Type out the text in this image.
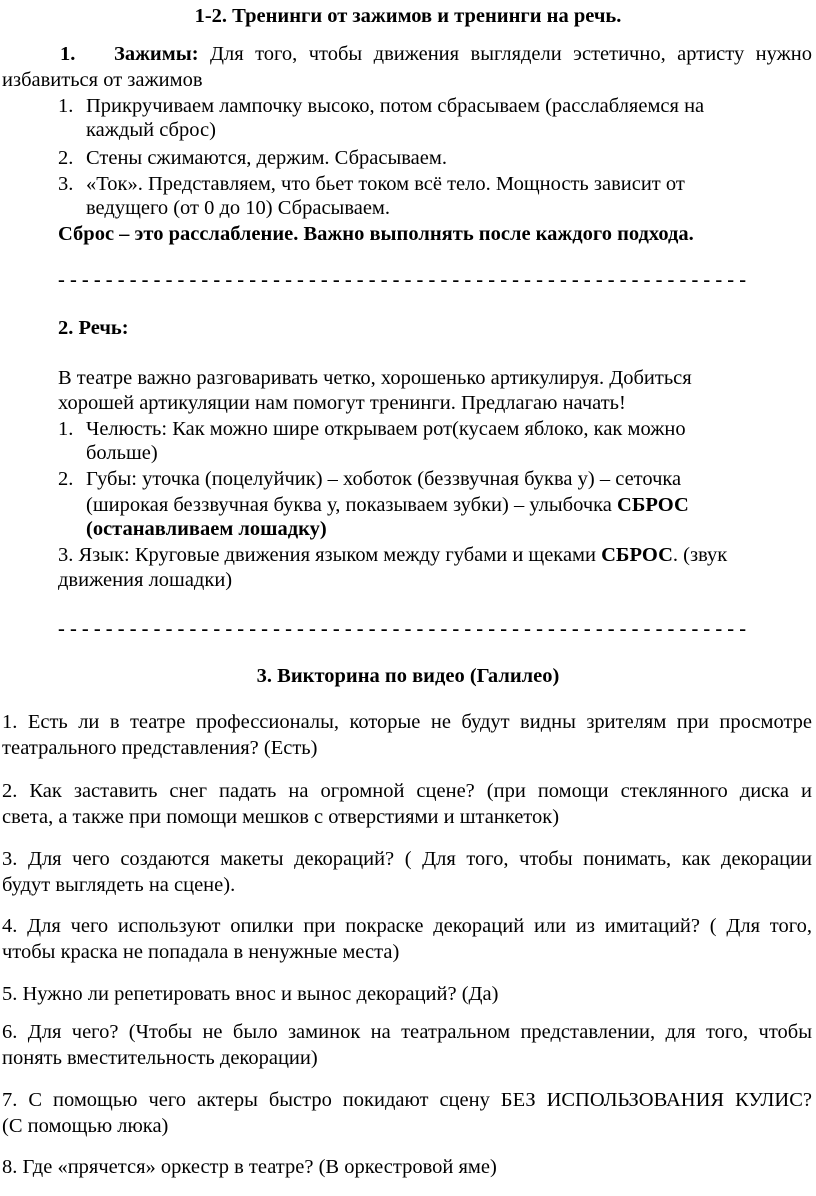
1-2. Тренинги от зажимов и тренинги на речь.
1. Зажимы: Для того, чтобы движения выглядели эстетично, артисту нужно
избавиться от зажимов
1. Прикручиваем лампочку высоко, потом сбрасываем (расслабляемся на
каждый сброс)
2. Стены сжимаются, держим. Сбрасываем.
3. «Ток». Представляем, что бьет током всё тело. Мощность зависит от
ведущего (от 0 до 10) Сбрасываем.
Сброс – это расслабление. Важно выполнять после каждого подхода.
- - - - - - - - - - - - - - - - - - - - - - - - - - - - - - - - - - - - - - - - - - - - - - - - - - - - - - - - - -
2. Речь:
В театре важно разговаривать четко, хорошенько артикулируя. Добиться
хорошей артикуляции нам помогут тренинги. Предлагаю начать!
1. Челюсть: Как можно шире открываем рот(кусаем яблоко, как можно
больше)
2. Губы: уточка (поцелуйчик) – хоботок (беззвучная буква у) – сеточка
(широкая беззвучная буква у, показываем зубки) – улыбочка СБРОС
(останавливаем лошадку)
3. Язык: Круговые движения языком между губами и щеками СБРОС. (звук
движения лошадки)
- - - - - - - - - - - - - - - - - - - - - - - - - - - - - - - - - - - - - - - - - - - - - - - - - - - - - - - - - -
3. Викторина по видео (Галилео)
1. Есть ли в театре профессионалы, которые не будут видны зрителям при просмотре
театрального представления? (Есть)
2. Как заставить снег падать на огромной сцене? (при помощи стеклянного диска и
света, а также при помощи мешков с отверстиями и штанкеток)
3. Для чего создаются макеты декораций? ( Для того, чтобы понимать, как декорации
будут выглядеть на сцене).
4. Для чего используют опилки при покраске декораций или из имитаций? ( Для того,
чтобы краска не попадала в ненужные места)
5. Нужно ли репетировать внос и вынос декораций? (Да)
6. Для чего? (Чтобы не было заминок на театральном представлении, для того, чтобы
понять вместительность декорации)
7. С помощью чего актеры быстро покидают сцену БЕЗ ИСПОЛЬЗОВАНИЯ КУЛИС?
(С помощью люка)
8. Где «прячется» оркестр в театре? (В оркестровой яме)
